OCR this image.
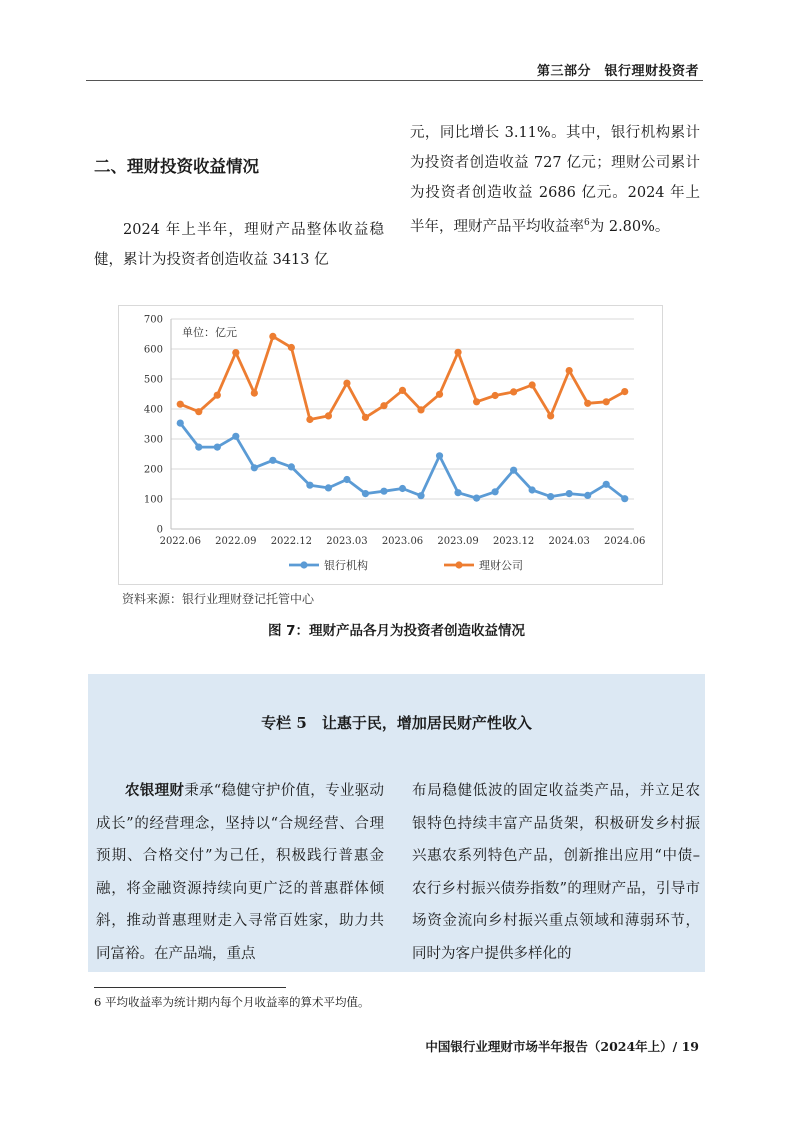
第三部分　银行理财投资者
二、理财投资收益情况
2024 年上半年，理财产品整体收益稳健，累计为投资者创造收益 3413 亿
元，同比增长 3.11%。其中，银行机构累计为投资者创造收益 727 亿元；理财公司累计为投资者创造收益 2686 亿元。2024 年上半年，理财产品平均收益率$^6$为 2.80%。
0
100
200
300
400
500
600
700
2022.06 2022.09 2022.12 2023.03 2023.06 2023.09 2023.12 2024.03 2024.06
单位：亿元
银行机构	理财公司
资料来源：银行业理财登记托管中心
图 7：理财产品各月为投资者创造收益情况
专栏 5　让惠于民，增加居民财产性收入
农银理财秉承“稳健守护价值，专业驱动成长”的经营理念，坚持以“合规经营、合理预期、合格交付”为己任，积极践行普惠金融，将金融资源持续向更广泛的普惠群体倾斜，推动普惠理财走入寻常百姓家，助力共同富裕。在产品端，重点
布局稳健低波的固定收益类产品，并立足农银特色持续丰富产品货架，积极研发乡村振兴惠农系列特色产品，创新推出应用“中债–农行乡村振兴债券指数”的理财产品，引导市场资金流向乡村振兴重点领域和薄弱环节，同时为客户提供多样化的
6 平均收益率为统计期内每个月收益率的算术平均值。
中国银行业理财市场半年报告（2024年上）/ 19
